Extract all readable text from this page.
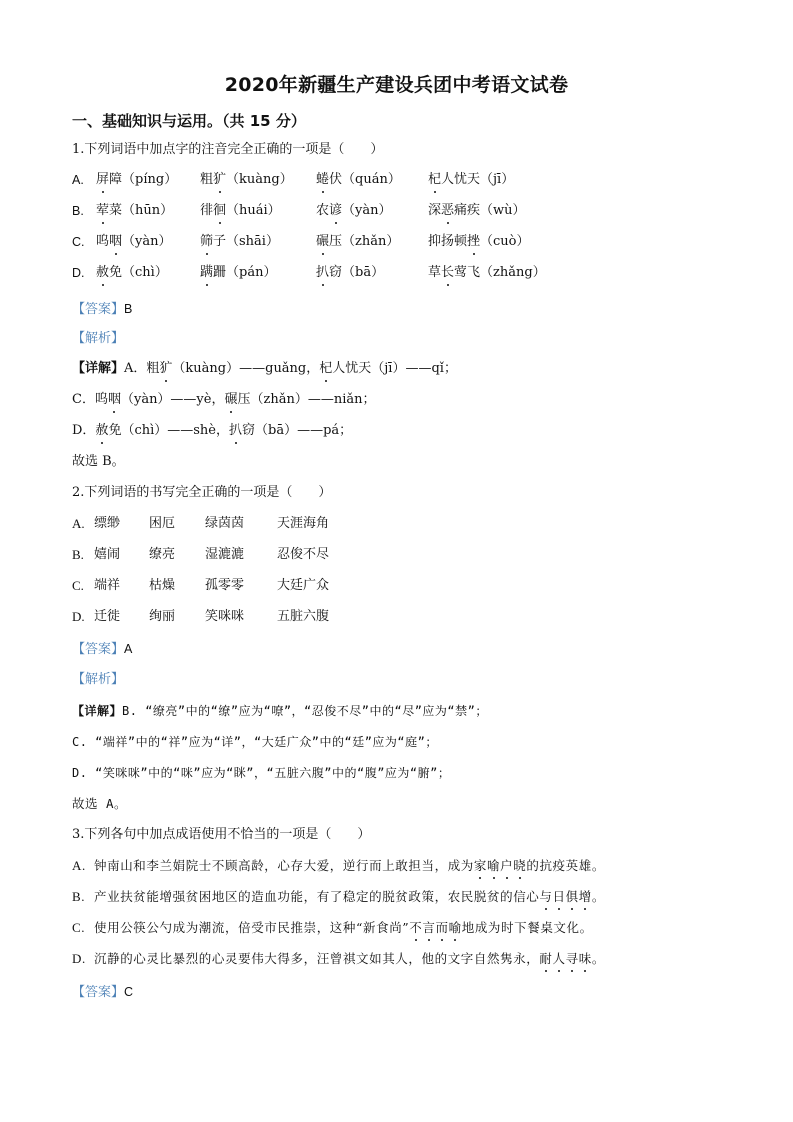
2020年新疆生产建设兵团中考语文试卷
一、基础知识与运用。（共 15 分）
1.下列词语中加点字的注音完全正确的一项是（　　）
A. 屏障（píng） 粗犷（kuàng） 蜷伏（quán） 杞人忧天（jī）
B. 荤菜（hūn） 徘徊（huái）	农谚（yàn）	深恶痛疾（wù）
C. 呜咽（yàn） 筛子（shāi）	碾压（zhǎn） 抑扬顿挫（cuò）
D. 赦免（chì） 蹒跚（pán）	扒窃（bā）	草长莺飞（zhǎng）
【答案】B
【解析】
【详解】A．粗犷（kuàng）——guǎng，杞人忧天（jī）——qǐ；
C．呜咽（yàn）——yè，碾压（zhǎn）——niǎn；
D．赦免（chì）——shè，扒窃（bā）——pá；
故选 B。
2.下列词语的书写完全正确的一项是（　　）
A. 缥缈 困厄 绿茵茵	天涯海角
B. 嬉闹 缭亮 湿漉漉	忍俊不尽
C. 端祥 枯燥 孤零零	大廷广众
D. 迁徙 绚丽 笑咪咪	五脏六腹
【答案】A
【解析】
【详解】B. “缭亮”中的“缭”应为“嘹”，“忍俊不尽”中的“尽”应为“禁”；
C. “端祥”中的“祥”应为“详”，“大廷广众”中的“廷”应为“庭”；
D. “笑咪咪”中的“咪”应为“眯”，“五脏六腹”中的“腹”应为“腑”；
故选 A。
3.下列各句中加点成语使用不恰当的一项是（　　）
A. 钟南山和李兰娟院士不顾高龄，心存大爱，逆行而上敢担当，成为家喻户晓的抗疫英雄。
B. 产业扶贫能增强贫困地区的造血功能，有了稳定的脱贫政策，农民脱贫的信心与日俱增。
C. 使用公筷公勺成为潮流，倍受市民推崇，这种“新食尚”不言而喻地成为时下餐桌文化。
D. 沉静的心灵比暴烈的心灵要伟大得多，汪曾祺文如其人，他的文字自然隽永，耐人寻味。
【答案】C
